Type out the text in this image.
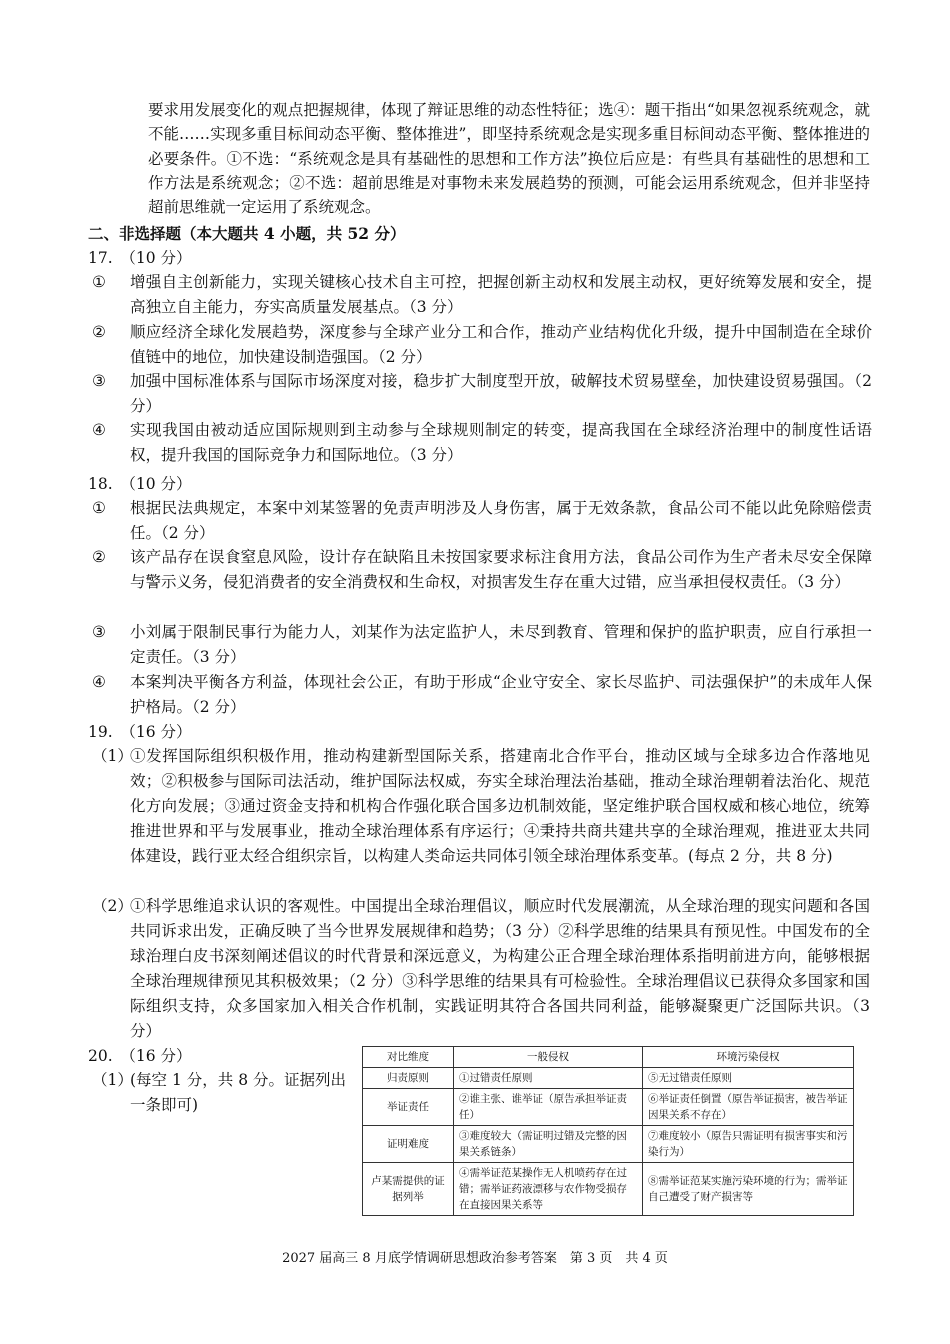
要求用发展变化的观点把握规律，体现了辩证思维的动态性特征；选④：题干指出“如果忽视系统观念，就不能……实现多重目标间动态平衡、整体推进”，即坚持系统观念是实现多重目标间动态平衡、整体推进的必要条件。①不选：“系统观念是具有基础性的思想和工作方法”换位后应是：有些具有基础性的思想和工作方法是系统观念；②不选：超前思维是对事物未来发展趋势的预测，可能会运用系统观念，但并非坚持超前思维就一定运用了系统观念。
二、非选择题（本大题共 4 小题，共 52 分）
17.　（10 分）
①	增强自主创新能力，实现关键核心技术自主可控，把握创新主动权和发展主动权，更好统筹发展和安全，提高独立自主能力，夯实高质量发展基点。（3 分）
②	顺应经济全球化发展趋势，深度参与全球产业分工和合作，推动产业结构优化升级，提升中国制造在全球价值链中的地位，加快建设制造强国。（2 分）
③	加强中国标准体系与国际市场深度对接，稳步扩大制度型开放，破解技术贸易壁垒，加快建设贸易强国。（2 分）
④	实现我国由被动适应国际规则到主动参与全球规则制定的转变，提高我国在全球经济治理中的制度性话语权，提升我国的国际竞争力和国际地位。（3 分）
18.　（10 分）
①	根据民法典规定，本案中刘某签署的免责声明涉及人身伤害，属于无效条款，食品公司不能以此免除赔偿责任。（2 分）
②	该产品存在误食窒息风险，设计存在缺陷且未按国家要求标注食用方法，食品公司作为生产者未尽安全保障与警示义务，侵犯消费者的安全消费权和生命权，对损害发生存在重大过错，应当承担侵权责任。（3 分）
③	小刘属于限制民事行为能力人，刘某作为法定监护人，未尽到教育、管理和保护的监护职责，应自行承担一定责任。（3 分）
④	本案判决平衡各方利益，体现社会公正，有助于形成“企业守安全、家长尽监护、司法强保护”的未成年人保护格局。（2 分）
19.　（16 分）
（1）
①发挥国际组织积极作用，推动构建新型国际关系，搭建南北合作平台，推动区域与全球多边合作落地见效；②积极参与国际司法活动，维护国际法权威，夯实全球治理法治基础，推动全球治理朝着法治化、规范化方向发展；③通过资金支持和机构合作强化联合国多边机制效能，坚定维护联合国权威和核心地位，统筹推进世界和平与发展事业，推动全球治理体系有序运行；④秉持共商共建共享的全球治理观，推进亚太共同体建设，践行亚太经合组织宗旨，以构建人类命运共同体引领全球治理体系变革。(每点 2 分，共 8 分)
（2）
①科学思维追求认识的客观性。中国提出全球治理倡议，顺应时代发展潮流，从全球治理的现实问题和各国共同诉求出发，正确反映了当今世界发展规律和趋势；（3 分）②科学思维的结果具有预见性。中国发布的全球治理白皮书深刻阐述倡议的时代背景和深远意义，为构建公正合理全球治理体系指明前进方向，能够根据全球治理规律预见其积极效果；（2 分）③科学思维的结果具有可检验性。全球治理倡议已获得众多国家和国际组织支持，众多国家加入相关合作机制，实践证明其符合各国共同利益，能够凝聚更广泛国际共识。（3 分）
20.　（16 分）
（1）
(每空 1 分，共 8 分。证据列出一条即可)
对比维度	一般侵权	环境污染侵权
归责原则	①过错责任原则	⑤无过错责任原则
举证责任	②谁主张、谁举证（原告承担举证责任）	⑥举证责任倒置（原告举证损害，被告举证因果关系不存在）
证明难度	③难度较大（需证明过错及完整的因果关系链条）	⑦难度较小（原告只需证明有损害事实和污染行为）
卢某需提供的证据列举	④需举证范某操作无人机喷药存在过错；需举证药液漂移与农作物受损存在直接因果关系等	⑧需举证范某实施污染环境的行为；需举证自己遭受了财产损害等
2027 届高三 8 月底学情调研思想政治参考答案　第 3 页　共 4 页
